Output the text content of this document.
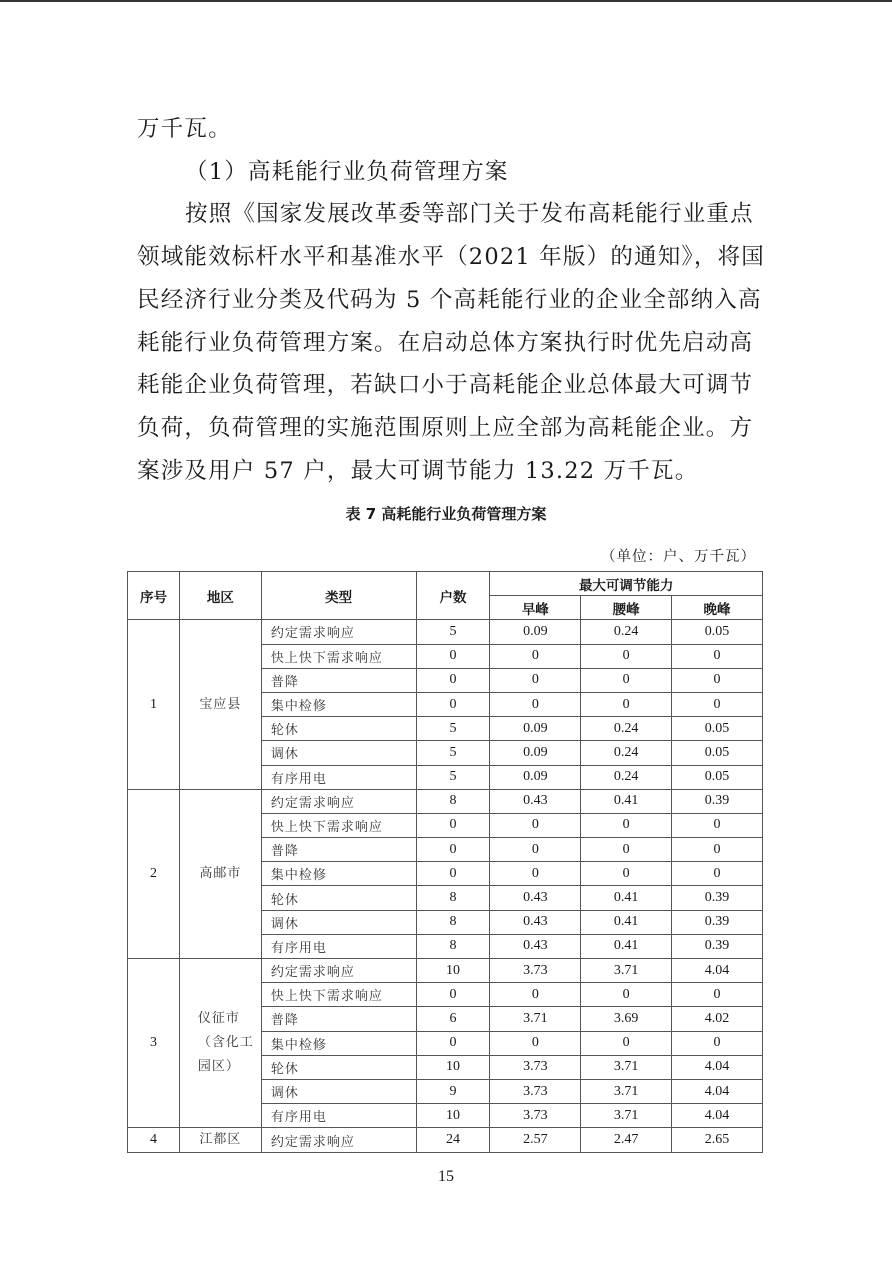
万千瓦。
（1）高耗能行业负荷管理方案
按照《国家发展改革委等部门关于发布高耗能行业重点
领域能效标杆水平和基准水平（2021 年版）的通知》，将国
民经济行业分类及代码为 5 个高耗能行业的企业全部纳入高
耗能行业负荷管理方案。在启动总体方案执行时优先启动高
耗能企业负荷管理，若缺口小于高耗能企业总体最大可调节
负荷，负荷管理的实施范围原则上应全部为高耗能企业。方
案涉及用户 57 户，最大可调节能力 13.22 万千瓦。
表 7 高耗能行业负荷管理方案
（单位：户、万千瓦）
序号	地区	类型	户数	最大可调节能力		
				早峰	腰峰	晚峰
1	宝应县	约定需求响应	5	0.09	0.24	0.05
		快上快下需求响应	0	0	0	0
		普降	0	0	0	0
		集中检修	0	0	0	0
		轮休	5	0.09	0.24	0.05
		调休	5	0.09	0.24	0.05
		有序用电	5	0.09	0.24	0.05
2	高邮市	约定需求响应	8	0.43	0.41	0.39
		快上快下需求响应	0	0	0	0
		普降	0	0	0	0
		集中检修	0	0	0	0
		轮休	8	0.43	0.41	0.39
		调休	8	0.43	0.41	0.39
		有序用电	8	0.43	0.41	0.39
3	仪征市（含化工园区）	约定需求响应	10	3.73	3.71	4.04
		快上快下需求响应	0	0	0	0
		普降	6	3.71	3.69	4.02
		集中检修	0	0	0	0
		轮休	10	3.73	3.71	4.04
		调休	9	3.73	3.71	4.04
		有序用电	10	3.73	3.71	4.04
4	江都区	约定需求响应	24	2.57	2.47	2.65
15
